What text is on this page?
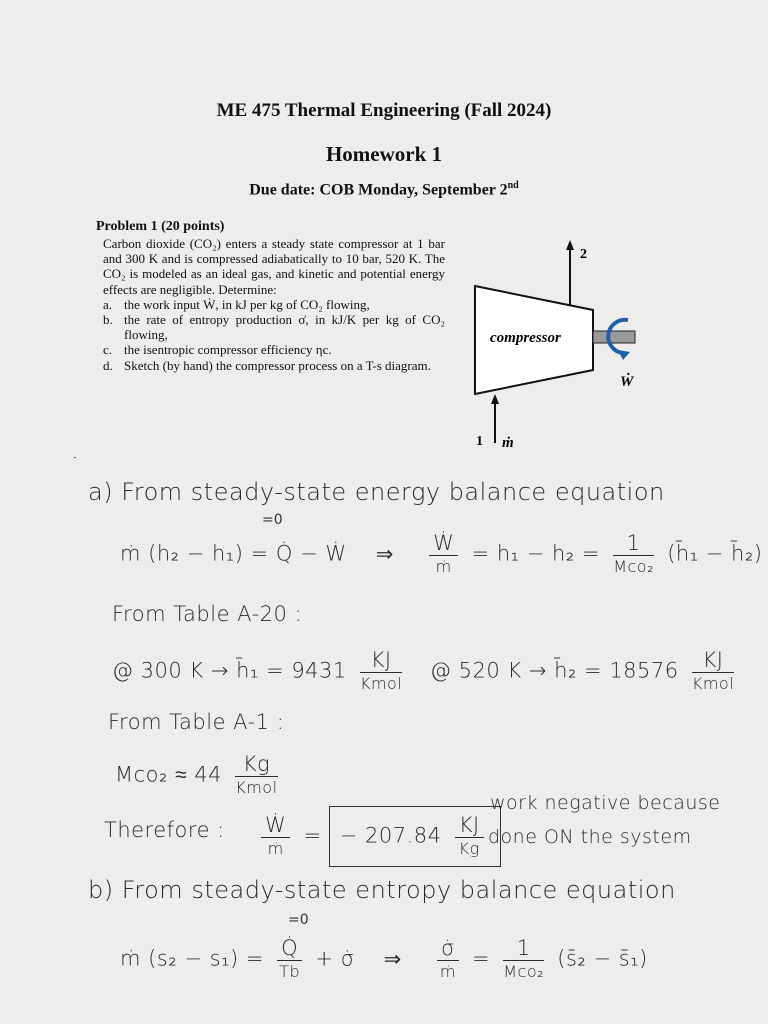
ME 475 Thermal Engineering (Fall 2024)
Homework 1
Due date: COB Monday, September 2nd
Problem 1 (20 points)
Carbon dioxide (CO₂) enters a steady state compressor at 1 bar and 300 K and is compressed adiabatically to 10 bar, 520 K. The CO₂ is modeled as an ideal gas, and kinetic and potential energy effects are negligible. Determine:
a. the work input Ẇ, in kJ per kg of CO₂ flowing,
b. the rate of entropy production σ̇, in kJ/K per kg of CO₂ flowing,
c. the isentropic compressor efficiency ηc.
d. Sketch (by hand) the compressor process on a T-s diagram.
2
compressor
Ẇ
1 ṁ
-
a) From steady-state energy balance equation
=0
ṁ (h₂ − h₁) = Q̇ − Ẇ ⇒ $\frac{\text{Ẇ}}{\text{ṁ}} = h_1 - h_2 = \frac{1}{\text{Mco₂}}$ (h̄₁ − h̄₂)
From Table A-20 :
@ 300 K → h̄₁ = $9431 \frac{KJ}{\text{Kmol}}$ @ 520 K → h̄₂ = $18576 \frac{KJ}{\text{Kmol}}$
From Table A-1 :
$Mco_2 \approx 44 \frac{Kg}{\text{Kmol}}$
Therefore : $\frac{\text{Ẇ}}{\text{ṁ}}$ = − $207.84 \frac{KJ}{Kg}$
work negative because
done ON the system
b) From steady-state entropy balance equation
=0
ṁ $(s_2 - s_1) = \frac{Q̇}{Tb}$ + σ̇ ⇒ $\frac{\sigmȧ}{\text{ṁ}} = \frac{1}{\text{Mco₂}}$ (s̄₂ − s̄₁)
